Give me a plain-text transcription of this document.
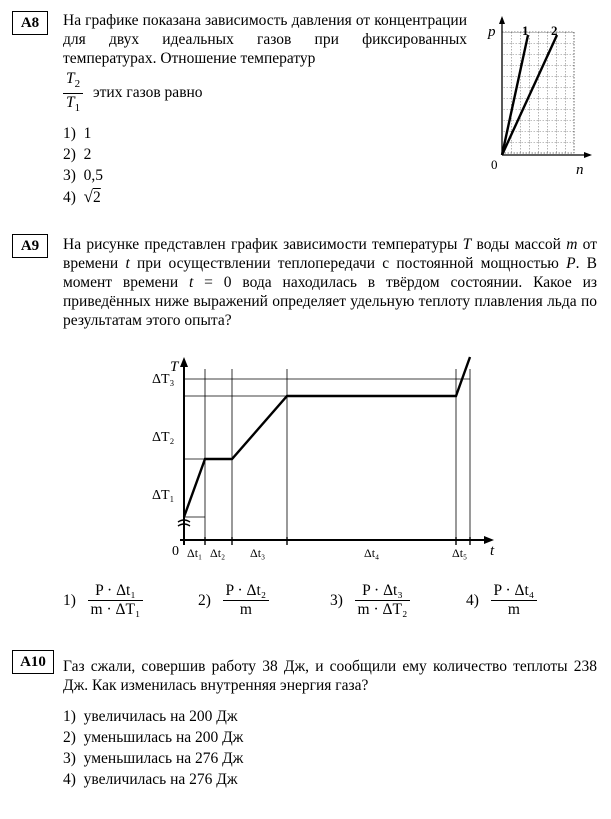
A8	На графике показана зависимость давления от концентрации для двух идеальных газов при фиксированных температурах. Отношение температур
$\frac{T_2}{T_1}$ этих газов равно
1) 1
2) 2
3) 0,5
4) √2
p
n
0
1 2
A9	На рисунке представлен график зависимости температуры T воды массой m от времени t при осуществлении теплопередачи с постоянной мощностью P. В момент времени t = 0 вода находилась в твёрдом состоянии. Какое из приведённых ниже выражений определяет удельную теплоту плавления льда по результатам этого опыта?
T
t
0
ΔT₃
ΔT₂
ΔT₁
Δt₁ Δt₂ Δt₃	Δt₄	Δt₅
$1) \frac{\text{P · Δt₁}}{\text{m · ΔT₁}}$	$2) \frac{\text{P · Δt₂}}{m}$	$3) \frac{\text{P · Δt₃}}{\text{m · ΔT₂}}$	$4) \frac{\text{P · Δt₄}}{m}$
A10	Газ сжали, совершив работу 38 Дж, и сообщили ему количество теплоты 238 Дж. Как изменилась внутренняя энергия газа?
1) увеличилась на 200 Дж
2) уменьшилась на 200 Дж
3) уменьшилась на 276 Дж
4) увеличилась на 276 Дж
